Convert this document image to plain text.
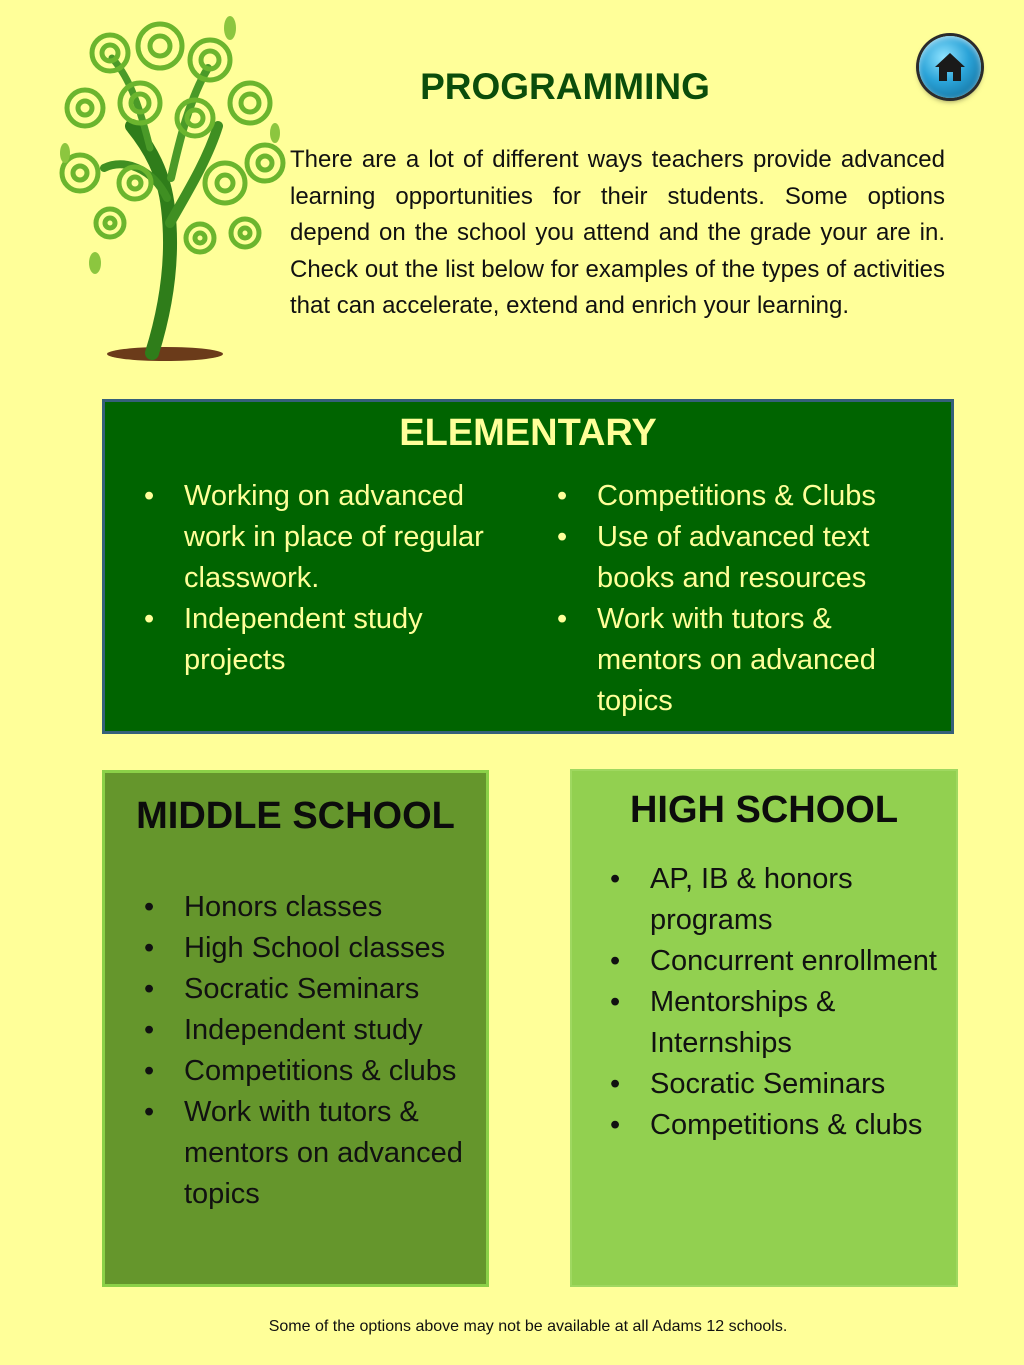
PROGRAMMING

There are a lot of different ways teachers provide advanced learning opportunities for their students. Some options depend on the school you attend and the grade your are in. Check out the list below for examples of the types of activities that can accelerate, extend and enrich your learning.

ELEMENTARY
• Working on advanced work in place of regular classwork.
• Independent study projects
• Competitions & Clubs
• Use of advanced text books and resources
• Work with tutors & mentors on advanced topics
MIDDLE SCHOOL
• Honors classes
• High School classes
• Socratic Seminars
• Independent study
• Competitions & clubs
• Work with tutors & mentors on advanced topics
HIGH SCHOOL
• AP, IB & honors programs
• Concurrent enrollment
• Mentorships & Internships
• Socratic Seminars
• Competitions & clubs

Some of the options above may not be available at all Adams 12 schools.
